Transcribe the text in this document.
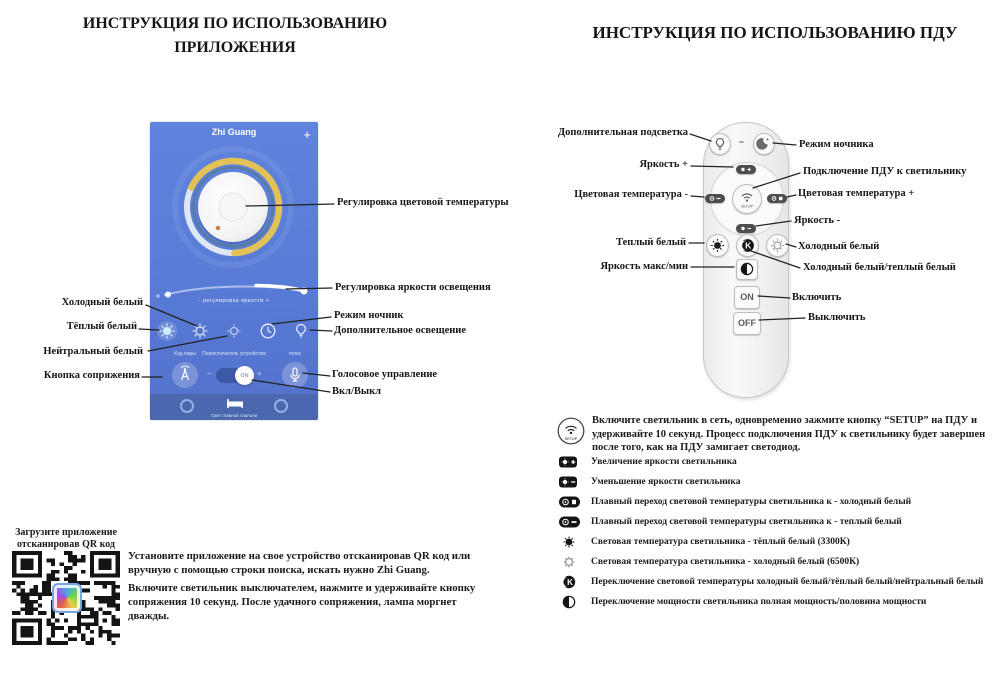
ИНСТРУКЦИЯ ПО ИСПОЛЬЗОВАНИЮ ПРИЛОЖЕНИЯ
ИНСТРУКЦИЯ ПО ИСПОЛЬЗОВАНИЮ ПДУ
Zhi Guang	+
- регулировка яркости +
Код пары	Переключатель устройства	голос
−	ON	+
Свет главной спальни
Холодный белый
Тёплый белый
Нейтральный белый
Кнопка сопряжения
Регулировка цветовой температуры
Регулировка яркости освещения
Режим ночник
Дополнительное освещение
Голосовое управление
Вкл/Выкл
SETUP
K
ON
OFF
Дополнительная подсветка
Яркость +
Цветовая температура -
Теплый белый
Яркость макс/мин
Режим ночника
Подключение ПДУ к светильнику
Цветовая температура +
Яркость -
Холодный белый
Холодный белый/теплый белый
Включить
Выключить
SETUP
Включите светильник в сеть, одновременно зажмите кнопку “SETUP” на ПДУ и удерживайте 10 секунд. Процесс подключения ПДУ к светильнику будет завершен после того, как на ПДУ замигает светодиод.
Увеличение яркости светильника
Уменьшение яркости светильника
Плавный переход световой температуры светильника к - холодный белый
Плавный переход световой температуры светильника к - теплый белый
Световая температура светильника - тёплый белый (3300К)
Световая температура светильника - холодный белый (6500К)
K Переключение световой температуры холодный белый/тёплый белый/нейтральный белый
Переключение мощности светильника полная мощность/половина мощности
Загрузите приложение отсканировав QR код
Установите приложение на свое устройство отсканировав QR код или вручную с помощью строки поиска, искать нужно Zhi Guang.
Включите светильник выключателем, нажмите и удерживайте кнопку сопряжения 10 секунд. После удачного сопряжения, лампа моргнет дважды.
